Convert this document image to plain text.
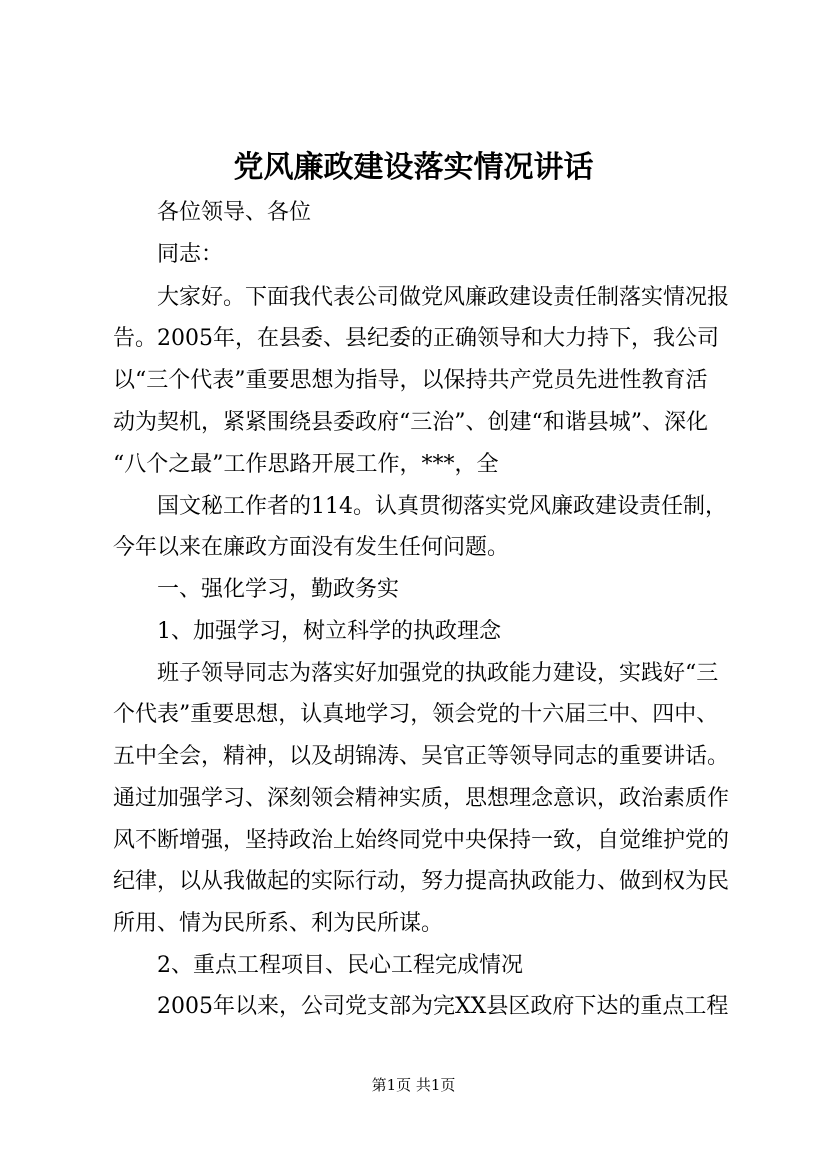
党风廉政建设落实情况讲话

各位领导、各位

同志：

大家好。下面我代表公司做党风廉政建设责任制落实情况报

告。2005年，在县委、县纪委的正确领导和大力持下，我公司

以“三个代表”重要思想为指导，以保持共产党员先进性教育活

动为契机，紧紧围绕县委政府“三治”、创建“和谐县城”、深化

“八个之最”工作思路开展工作，***，全

国文秘工作者的114。认真贯彻落实党风廉政建设责任制，

今年以来在廉政方面没有发生任何问题。

一、强化学习，勤政务实

1、加强学习，树立科学的执政理念

班子领导同志为落实好加强党的执政能力建设，实践好“三

个代表”重要思想，认真地学习，领会党的十六届三中、四中、

五中全会，精神，以及胡锦涛、吴官正等领导同志的重要讲话。

通过加强学习、深刻领会精神实质，思想理念意识，政治素质作

风不断增强，坚持政治上始终同党中央保持一致，自觉维护党的

纪律，以从我做起的实际行动，努力提高执政能力、做到权为民

所用、情为民所系、利为民所谋。

2、重点工程项目、民心工程完成情况

2005年以来，公司党支部为完XX县区政府下达的重点工程

第1页 共1页
